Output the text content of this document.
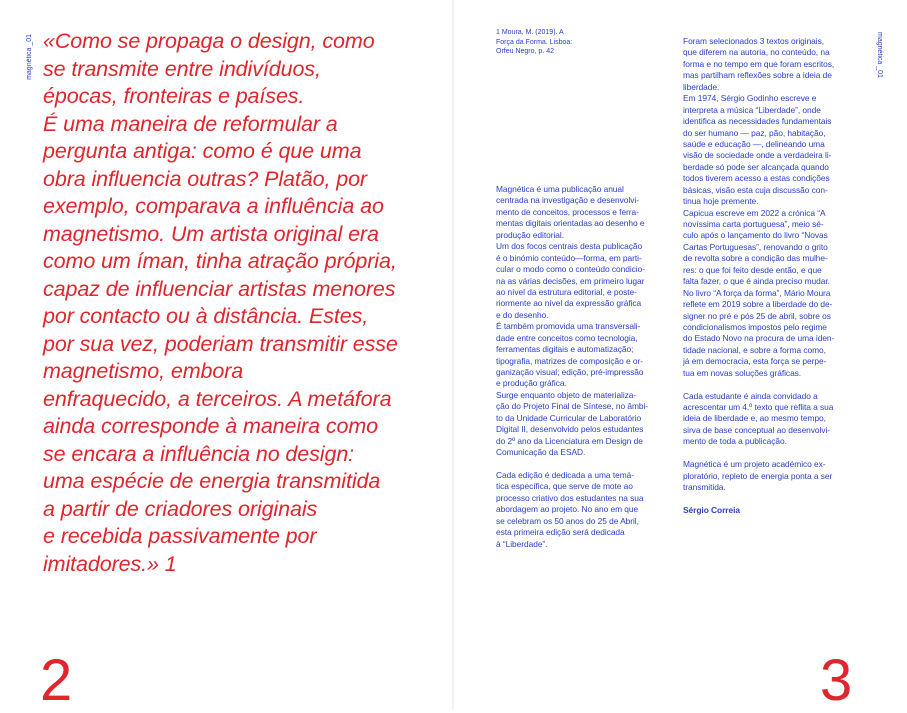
magnética _01	magnética _01
«Como se propaga o design, como
se transmite entre indivíduos,
épocas, fronteiras e países.
É uma maneira de reformular a
pergunta antiga: como é que uma
obra influencia outras? Platão, por
exemplo, comparava a influência ao
magnetismo. Um artista original era
como um íman, tinha atração própria,
capaz de influenciar artistas menores
por contacto ou à distância. Estes,
por sua vez, poderiam transmitir esse
magnetismo, embora
enfraquecido, a terceiros. A metáfora
ainda corresponde à maneira como
se encara a influência no design:
uma espécie de energia transmitida
a partir de criadores originais
e recebida passivamente por
imitadores.» 1
2	3
1 Moura, M. (2019). A
Força da Forma. Lisboa:
Orfeu Negro, p. 42
Magnética é uma publicação anual
centrada na investigação e desenvolvi-
mento de conceitos, processos e ferra-
mentas digitais orientadas ao desenho e
produção editorial.
Um dos focos centrais desta publicação
é o binómio conteúdo—forma, em parti-
cular o modo como o conteúdo condicio-
na as várias decisões, em primeiro lugar
ao nível da estrutura editorial, e poste-
riormente ao nível da expressão gráfica
e do desenho.
É também promovida uma transversali-
dade entre conceitos como tecnologia,
ferramentas digitais e automatização;
tipografia, matrizes de composição e or-
ganização visual; edição, pré-impressão
e produção gráfica.
Surge enquanto objeto de materializa-
ção do Projeto Final de Síntese, no âmbi-
to da Unidade Curricular de Laboratório
Digital II, desenvolvido pelos estudantes
do 2º ano da Licenciatura em Design de
Comunicação da ESAD.
Cada edição é dedicada a uma temá-
tica específica, que serve de mote ao
processo criativo dos estudantes na sua
abordagem ao projeto. No ano em que
se celebram os 50 anos do 25 de Abril,
esta primeira edição será dedicada
à “Liberdade”.
Foram selecionados 3 textos originais,
que diferem na autoria, no conteúdo, na
forma e no tempo em que foram escritos,
mas partilham reflexões sobre a ideia de
liberdade.
Em 1974, Sérgio Godinho escreve e
interpreta a música “Liberdade”, onde
identifica as necessidades fundamentais
do ser humano — paz, pão, habitação,
saúde e educação —, delineando uma
visão de sociedade onde a verdadeira li-
berdade só pode ser alcançada quando
todos tiverem acesso a estas condições
básicas, visão esta cuja discussão con-
tinua hoje premente.
Capicua escreve em 2022 a crónica “A
novíssima carta portuguesa”, meio sé-
culo após o lançamento do livro “Novas
Cartas Portuguesas”, renovando o grito
de revolta sobre a condição das mulhe-
res: o que foi feito desde então, e que
falta fazer, o que é ainda preciso mudar.
No livro “A força da forma”, Mário Moura
reflete em 2019 sobre a liberdade do de-
signer no pré e pós 25 de abril, sobre os
condicionalismos impostos pelo regime
do Estado Novo na procura de uma iden-
tidade nacional, e sobre a forma como,
já em democracia, esta força se perpe-
tua em novas soluções gráficas.
Cada estudante é ainda convidado a
acrescentar um 4.º texto que reflita a sua
ideia de liberdade e, ao mesmo tempo,
sirva de base conceptual ao desenvolvi-
mento de toda a publicação.
Magnética é um projeto académico ex-
ploratório, repleto de energia ponta a ser
transmitida.
Sérgio Correia
